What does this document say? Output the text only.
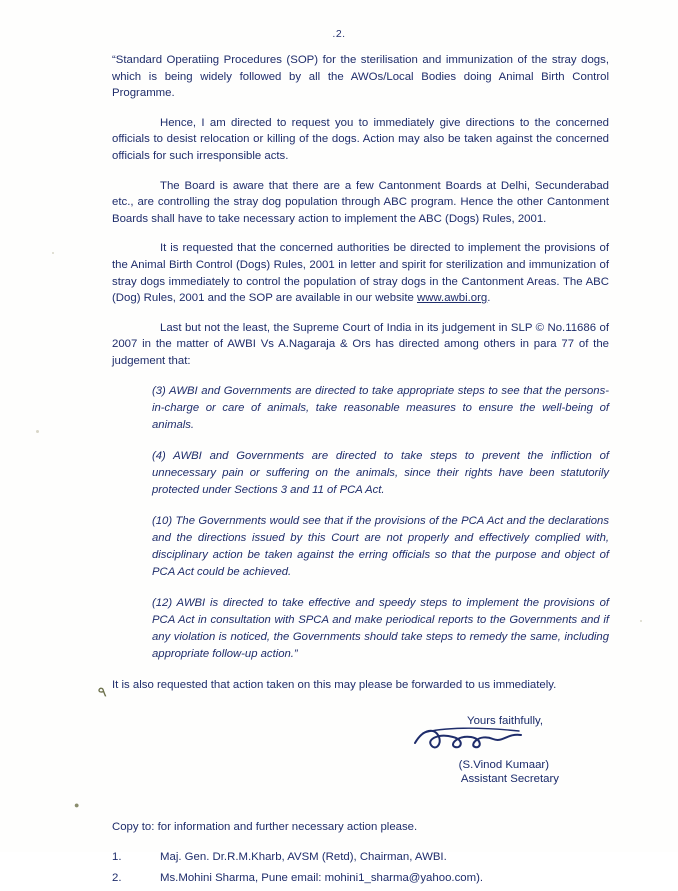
.2.

“Standard Operatiing Procedures (SOP) for the sterilisation and immunization of the stray dogs, which is being widely followed by all the AWOs/Local Bodies doing Animal Birth Control Programme.

Hence, I am directed to request you to immediately give directions to the concerned officials to desist relocation or killing of the dogs. Action may also be taken against the concerned officials for such irresponsible acts.

The Board is aware that there are a few Cantonment Boards at Delhi, Secunderabad etc., are controlling the stray dog population through ABC program. Hence the other Cantonment Boards shall have to take necessary action to implement the ABC (Dogs) Rules, 2001.

It is requested that the concerned authorities be directed to implement the provisions of the Animal Birth Control (Dogs) Rules, 2001 in letter and spirit for sterilization and immunization of stray dogs immediately to control the population of stray dogs in the Cantonment Areas. The ABC (Dog) Rules, 2001 and the SOP are available in our website www.awbi.org.

Last but not the least, the Supreme Court of India in its judgement in SLP © No.11686 of 2007 in the matter of AWBI Vs A.Nagaraja & Ors has directed among others in para 77 of the judgement that:

(3) AWBI and Governments are directed to take appropriate steps to see that the persons-in-charge or care of animals, take reasonable measures to ensure the well-being of animals.

(4) AWBI and Governments are directed to take steps to prevent the infliction of unnecessary pain or suffering on the animals, since their rights have been statutorily protected under Sections 3 and 11 of PCA Act.

(10) The Governments would see that if the provisions of the PCA Act and the declarations and the directions issued by this Court are not properly and effectively complied with, disciplinary action be taken against the erring officials so that the purpose and object of PCA Act could be achieved.

(12) AWBI is directed to take effective and speedy steps to implement the provisions of PCA Act in consultation with SPCA and make periodical reports to the Governments and if any violation is noticed, the Governments should take steps to remedy the same, including appropriate follow-up action.”

It is also requested that action taken on this may please be forwarded to us immediately.
Yours faithfully,
(S.Vinod Kumaar)
Assistant Secretary
Copy to: for information and further necessary action please.
1.	Maj. Gen. Dr.R.M.Kharb, AVSM (Retd), Chairman, AWBI.
2.	Ms.Mohini Sharma, Pune email: mohini1_sharma@yahoo.com).
٩
●
